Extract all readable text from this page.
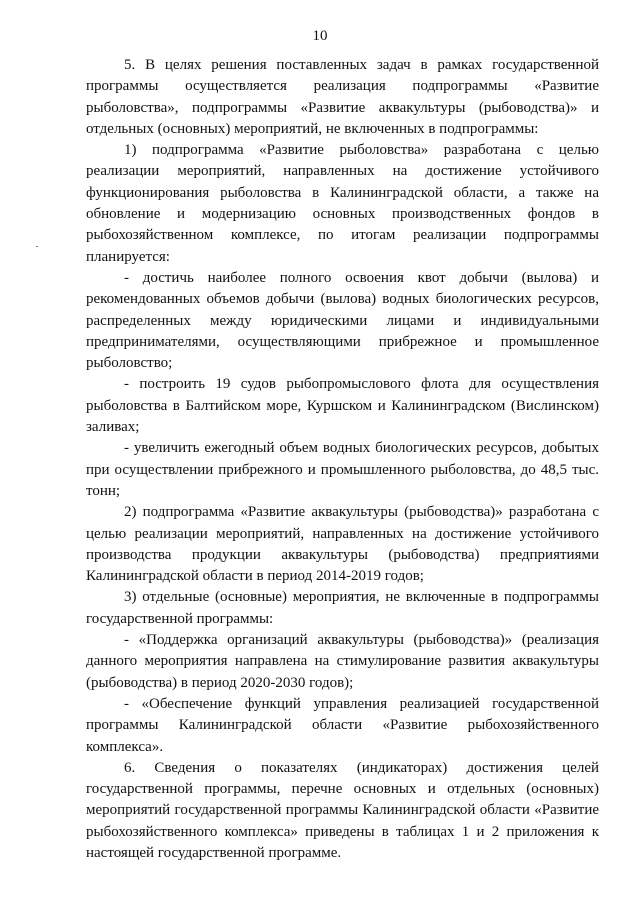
10

5. В целях решения поставленных задач в рамках государственной программы осуществляется реализация подпрограммы «Развитие рыболовства», подпрограммы «Развитие аквакультуры (рыбоводства)» и отдельных (основных) мероприятий, не включенных в подпрограммы:

1) подпрограмма «Развитие рыболовства» разработана с целью реализации мероприятий, направленных на достижение устойчивого функционирования рыболовства в Калининградской области, а также на обновление и модернизацию основных производственных фондов в рыбохозяйственном комплексе, по итогам реализации подпрограммы планируется:

- достичь наиболее полного освоения квот добычи (вылова) и рекомендованных объемов добычи (вылова) водных биологических ресурсов, распределенных между юридическими лицами и индивидуальными предпринимателями, осуществляющими прибрежное и промышленное рыболовство;

- построить 19 судов рыбопромыслового флота для осуществления рыболовства в Балтийском море, Куршском и Калининградском (Вислинском) заливах;

- увеличить ежегодный объем водных биологических ресурсов, добытых при осуществлении прибрежного и промышленного рыболовства, до 48,5 тыс. тонн;

2) подпрограмма «Развитие аквакультуры (рыбоводства)» разработана с целью реализации мероприятий, направленных на достижение устойчивого производства продукции аквакультуры (рыбоводства) предприятиями Калининградской области в период 2014-2019 годов;

3) отдельные (основные) мероприятия, не включенные в подпрограммы государственной программы:

- «Поддержка организаций аквакультуры (рыбоводства)» (реализация данного мероприятия направлена на стимулирование развития аквакультуры (рыбоводства) в период 2020-2030 годов);

- «Обеспечение функций управления реализацией государственной программы Калининградской области «Развитие рыбохозяйственного комплекса».

6. Сведения о показателях (индикаторах) достижения целей государственной программы, перечне основных и отдельных (основных) мероприятий государственной программы Калининградской области «Развитие рыбохозяйственного комплекса» приведены в таблицах 1 и 2 приложения к настоящей государственной программе.
